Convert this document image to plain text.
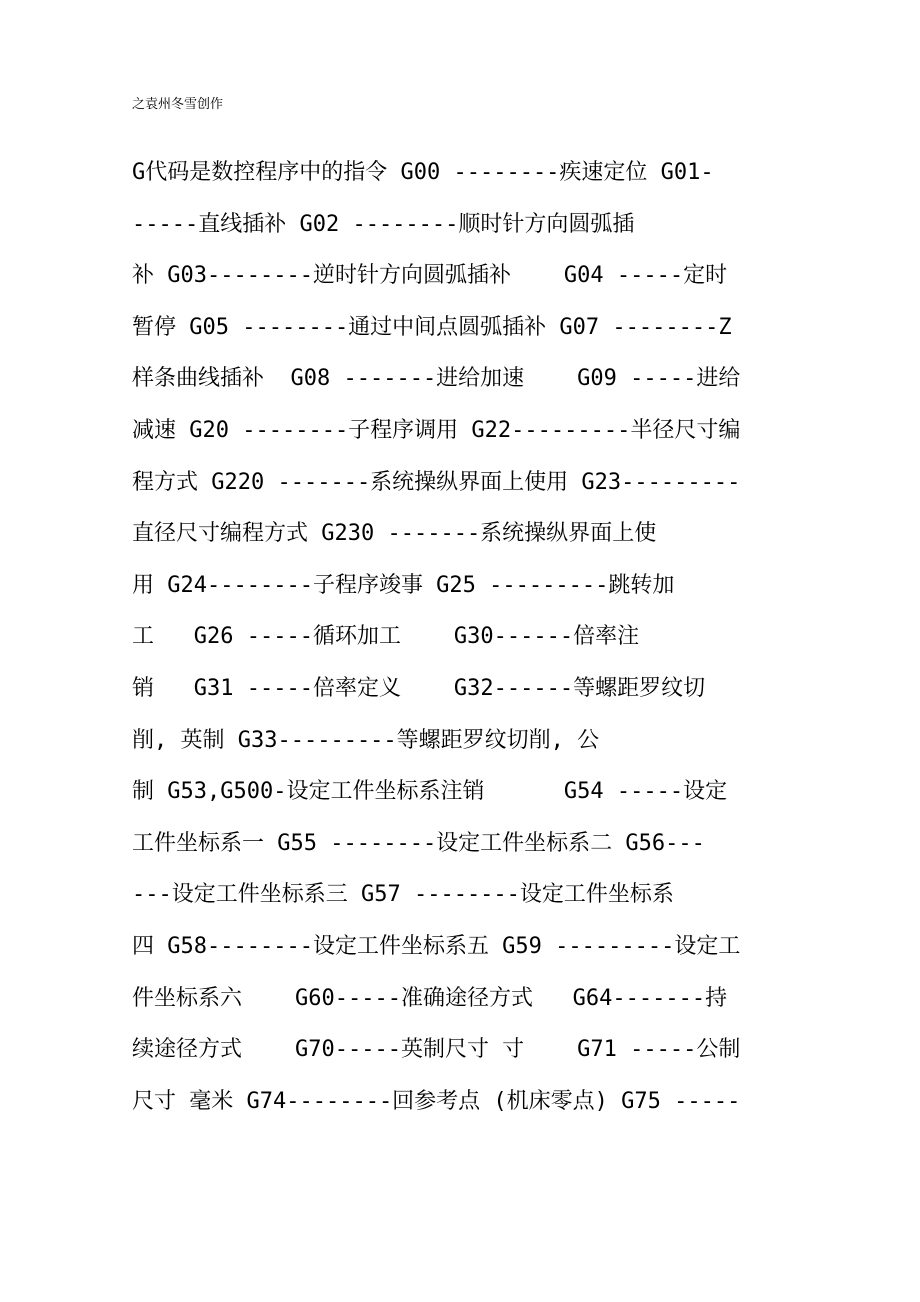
之袁州冬雪创作
G代码是数控程序中的指令 G00 --------疾速定位 G01-
-----直线插补 G02 --------顺时针方向圆弧插
补 G03--------逆时针方向圆弧插补    G04 -----定时
暂停 G05 --------通过中间点圆弧插补 G07 --------Z
样条曲线插补  G08 -------进给加速    G09 -----进给
减速 G20 --------子程序调用 G22---------半径尺寸编
程方式 G220 -------系统操纵界面上使用 G23---------
直径尺寸编程方式 G230 -------系统操纵界面上使
用 G24--------子程序竣事 G25 ---------跳转加
工   G26 -----循环加工    G30------倍率注
销   G31 -----倍率定义    G32------等螺距罗纹切
削, 英制 G33---------等螺距罗纹切削, 公
制 G53,G500-设定工件坐标系注销      G54 -----设定
工件坐标系一 G55 --------设定工件坐标系二 G56---
---设定工件坐标系三 G57 --------设定工件坐标系
四 G58--------设定工件坐标系五 G59 ---------设定工
件坐标系六    G60-----准确途径方式   G64-------持
续途径方式    G70-----英制尺寸 寸    G71 -----公制
尺寸 毫米 G74--------回参考点 (机床零点) G75 -----
